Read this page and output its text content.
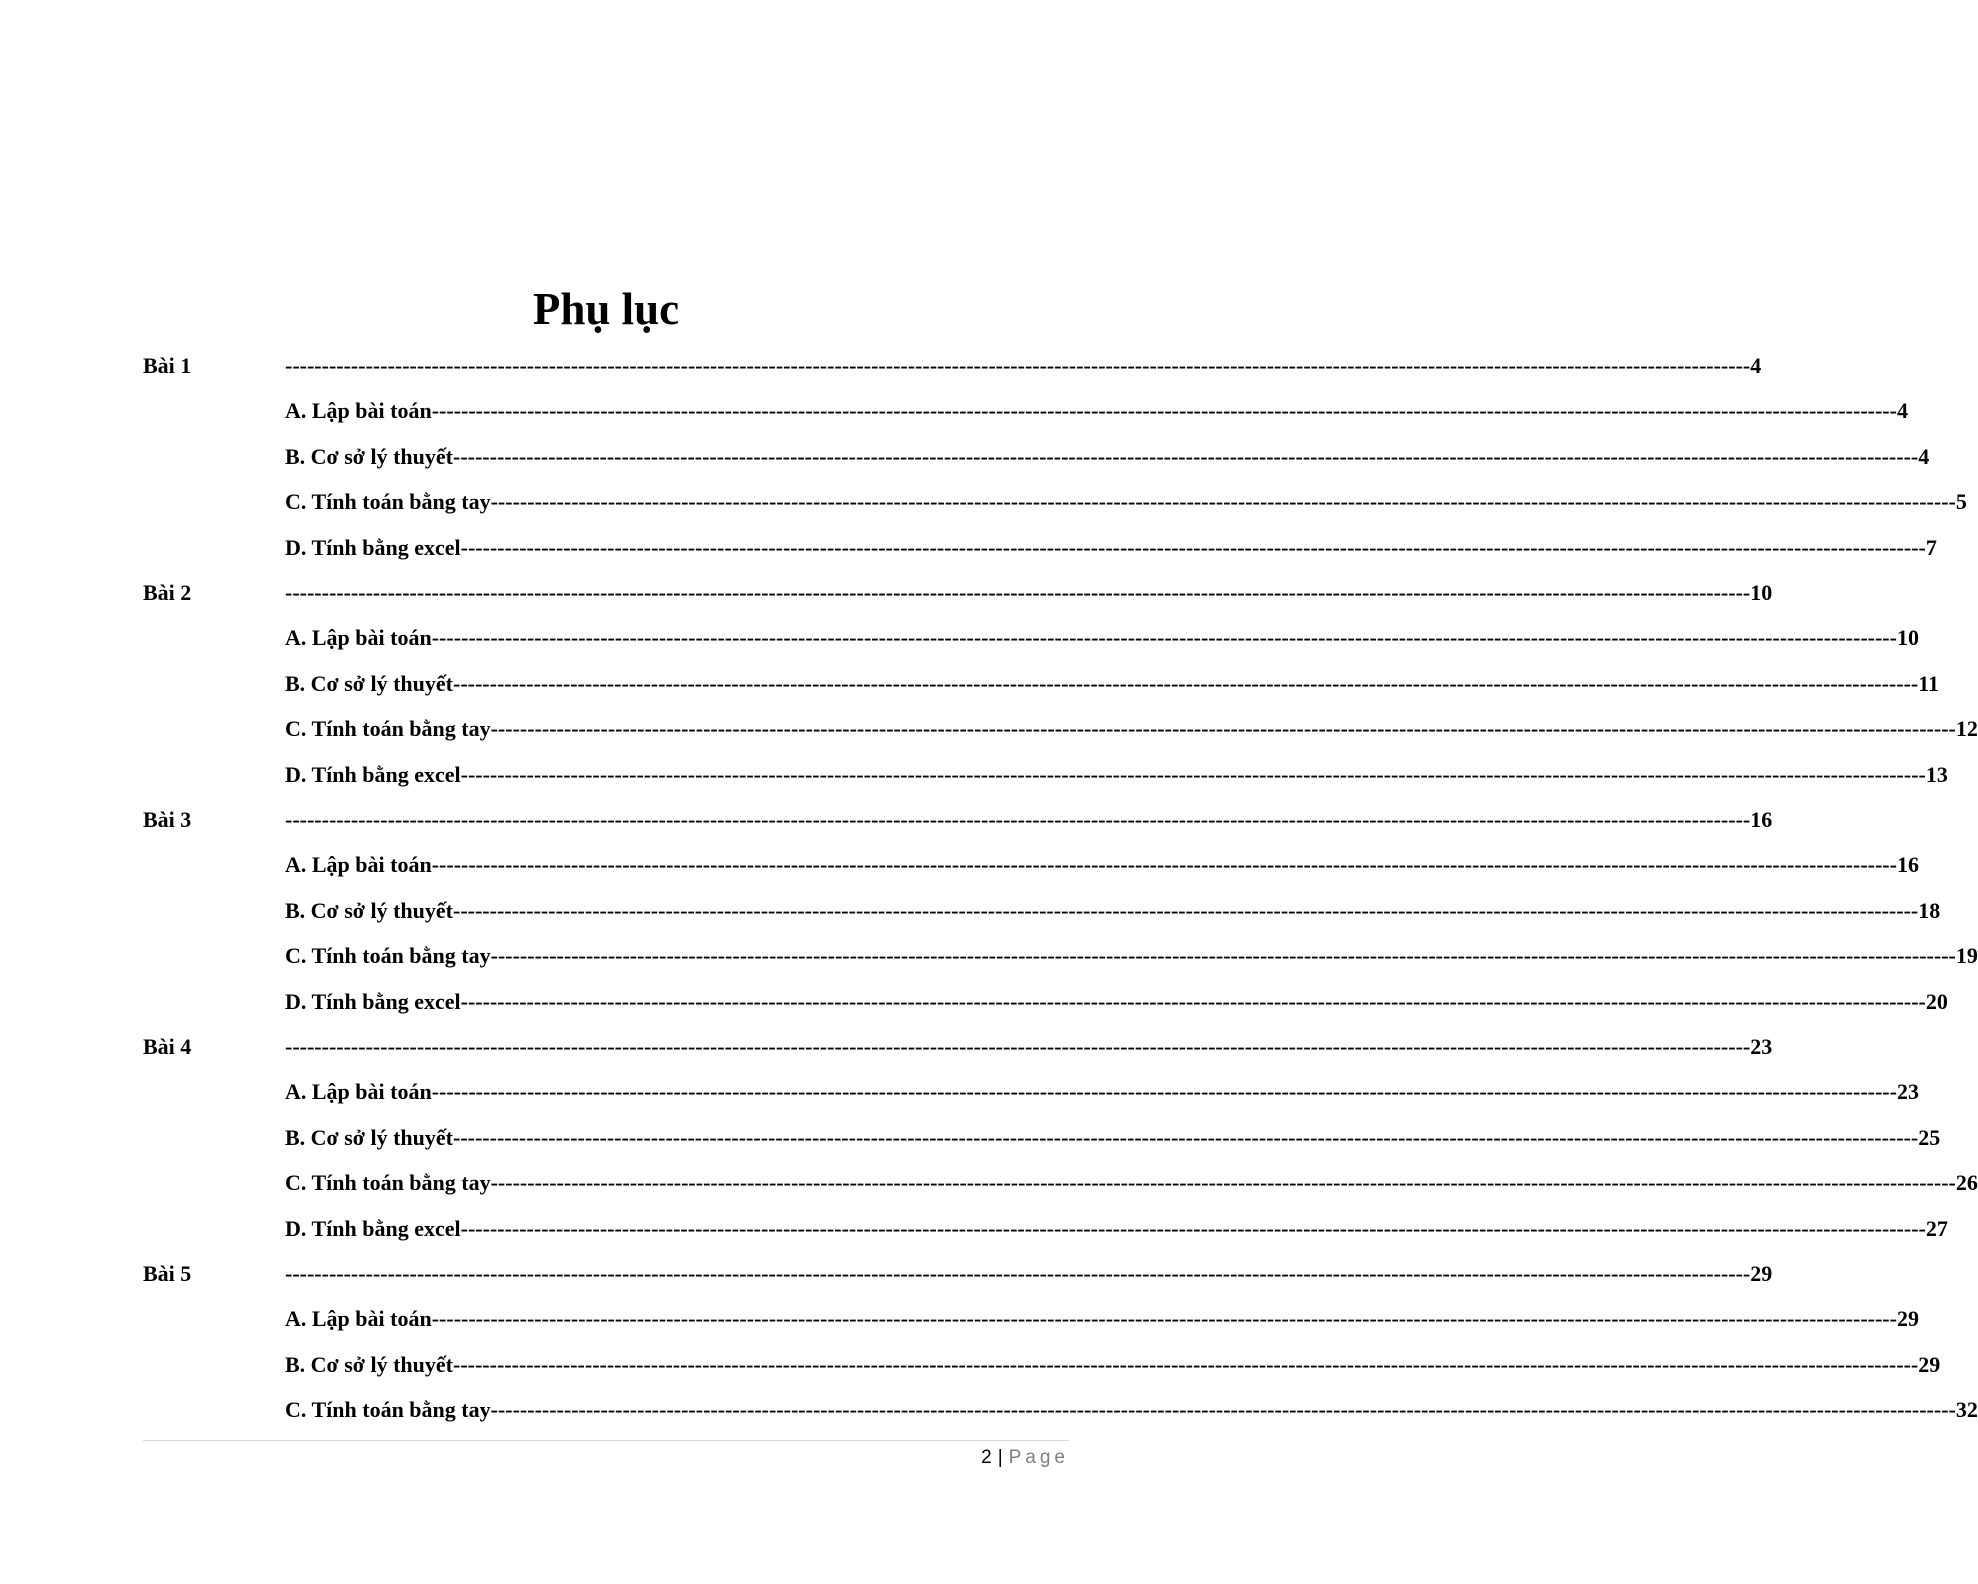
Phụ lục
Bài 1	-------------------------------------------------------------------------------------------------------------------------------------------------------------------------------------------------------- 4
A. Lập bài toán -------------------------------------------------------------------------------------------------------------------------------------------------------------------------------------------------------- 4
B. Cơ sở lý thuyết -------------------------------------------------------------------------------------------------------------------------------------------------------------------------------------------------------- 4
C. Tính toán bằng tay -------------------------------------------------------------------------------------------------------------------------------------------------------------------------------------------------------- 5
D. Tính bằng excel -------------------------------------------------------------------------------------------------------------------------------------------------------------------------------------------------------- 7
Bài 2	-------------------------------------------------------------------------------------------------------------------------------------------------------------------------------------------------------- 10
A. Lập bài toán -------------------------------------------------------------------------------------------------------------------------------------------------------------------------------------------------------- 10
B. Cơ sở lý thuyết -------------------------------------------------------------------------------------------------------------------------------------------------------------------------------------------------------- 11
C. Tính toán bằng tay -------------------------------------------------------------------------------------------------------------------------------------------------------------------------------------------------------- 12
D. Tính bằng excel -------------------------------------------------------------------------------------------------------------------------------------------------------------------------------------------------------- 13
Bài 3	-------------------------------------------------------------------------------------------------------------------------------------------------------------------------------------------------------- 16
A. Lập bài toán -------------------------------------------------------------------------------------------------------------------------------------------------------------------------------------------------------- 16
B. Cơ sở lý thuyết -------------------------------------------------------------------------------------------------------------------------------------------------------------------------------------------------------- 18
C. Tính toán bằng tay -------------------------------------------------------------------------------------------------------------------------------------------------------------------------------------------------------- 19
D. Tính bằng excel -------------------------------------------------------------------------------------------------------------------------------------------------------------------------------------------------------- 20
Bài 4	-------------------------------------------------------------------------------------------------------------------------------------------------------------------------------------------------------- 23
A. Lập bài toán -------------------------------------------------------------------------------------------------------------------------------------------------------------------------------------------------------- 23
B. Cơ sở lý thuyết -------------------------------------------------------------------------------------------------------------------------------------------------------------------------------------------------------- 25
C. Tính toán bằng tay -------------------------------------------------------------------------------------------------------------------------------------------------------------------------------------------------------- 26
D. Tính bằng excel -------------------------------------------------------------------------------------------------------------------------------------------------------------------------------------------------------- 27
Bài 5	-------------------------------------------------------------------------------------------------------------------------------------------------------------------------------------------------------- 29
A. Lập bài toán -------------------------------------------------------------------------------------------------------------------------------------------------------------------------------------------------------- 29
B. Cơ sở lý thuyết -------------------------------------------------------------------------------------------------------------------------------------------------------------------------------------------------------- 29
C. Tính toán bằng tay -------------------------------------------------------------------------------------------------------------------------------------------------------------------------------------------------------- 32
2 | Page
